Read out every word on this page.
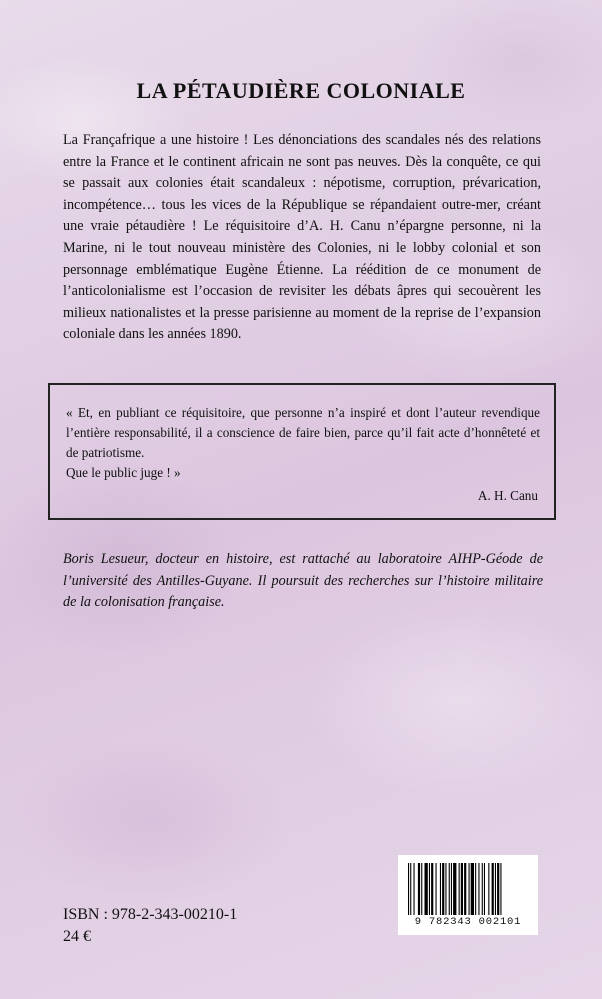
LA PÉTAUDIÈRE COLONIALE
La Françafrique a une histoire ! Les dénonciations des scandales nés des relations entre la France et le continent africain ne sont pas neuves. Dès la conquête, ce qui se passait aux colonies était scandaleux : népotisme, corruption, prévarication, incompétence… tous les vices de la République se répandaient outre-mer, créant une vraie pétaudière ! Le réquisitoire d’A. H. Canu n’épargne personne, ni la Marine, ni le tout nouveau ministère des Colonies, ni le lobby colonial et son personnage emblématique Eugène Étienne. La réédition de ce monument de l’anticolonialisme est l’occasion de revisiter les débats âpres qui secouèrent les milieux nationalistes et la presse parisienne au moment de la reprise de l’expansion coloniale dans les années 1890.
« Et, en publiant ce réquisitoire, que personne n’a inspiré et dont l’auteur revendique l’entière responsabilité, il a conscience de faire bien, parce qu’il fait acte d’honnêteté et de patriotisme.
Que le public juge ! »
A. H. Canu
Boris Lesueur, docteur en histoire, est rattaché au laboratoire AIHP-Géode de l’université des Antilles-Guyane. Il poursuit des recherches sur l’histoire militaire de la colonisation française.
ISBN : 978-2-343-00210-1
24 €
9 782343 002101
